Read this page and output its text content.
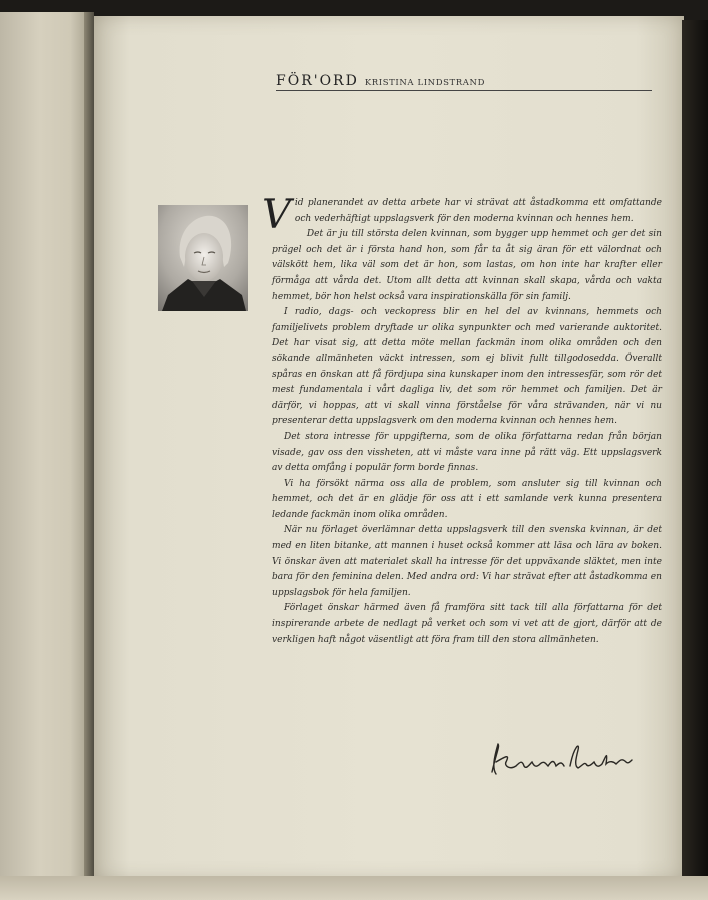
FÖR'ORD KRISTINA LINDSTRAND
V id planerandet av detta arbete har vi strävat att åstadkomma ett omfattande och vederhäftigt uppslagsverk för den moderna kvinnan och hennes hem.

Det är ju till största delen kvinnan, som bygger upp hemmet och ger det sin prägel och det är i första hand hon, som får ta åt sig äran för ett välordnat och välskött hem, lika väl som det är hon, som lastas, om hon inte har krafter eller förmåga att vårda det. Utom allt detta att kvinnan skall skapa, vårda och vakta hemmet, bör hon helst också vara inspirationskälla för sin familj.

I radio, dags- och veckopress blir en hel del av kvinnans, hemmets och familjelivets problem dryftade ur olika synpunkter och med varierande auktoritet. Det har visat sig, att detta möte mellan fackmän inom olika områden och den sökande allmänheten väckt intressen, som ej blivit fullt tillgodosedda. Överallt spåras en önskan att få fördjupa sina kunskaper inom den intressesfär, som rör det mest fundamentala i vårt dagliga liv, det som rör hemmet och familjen. Det är därför, vi hoppas, att vi skall vinna förståelse för våra strävanden, när vi nu presenterar detta uppslagsverk om den moderna kvinnan och hennes hem.

Det stora intresse för uppgifterna, som de olika författarna redan från början visade, gav oss den vissheten, att vi måste vara inne på rätt väg. Ett uppslagsverk av detta omfång i populär form borde finnas.

Vi ha försökt närma oss alla de problem, som ansluter sig till kvinnan och hemmet, och det är en glädje för oss att i ett samlande verk kunna presentera ledande fackmän inom olika områden.

När nu förlaget överlämnar detta uppslagsverk till den svenska kvinnan, är det med en liten bitanke, att mannen i huset också kommer att läsa och lära av boken. Vi önskar även att materialet skall ha intresse för det uppväxande släktet, men inte bara för den feminina delen. Med andra ord: Vi har strävat efter att åstadkomma en uppslagsbok för hela familjen.

Förlaget önskar härmed även få framföra sitt tack till alla författarna för det inspirerande arbete de nedlagt på verket och som vi vet att de gjort, därför att de verkligen haft något väsentligt att föra fram till den stora allmänheten.
